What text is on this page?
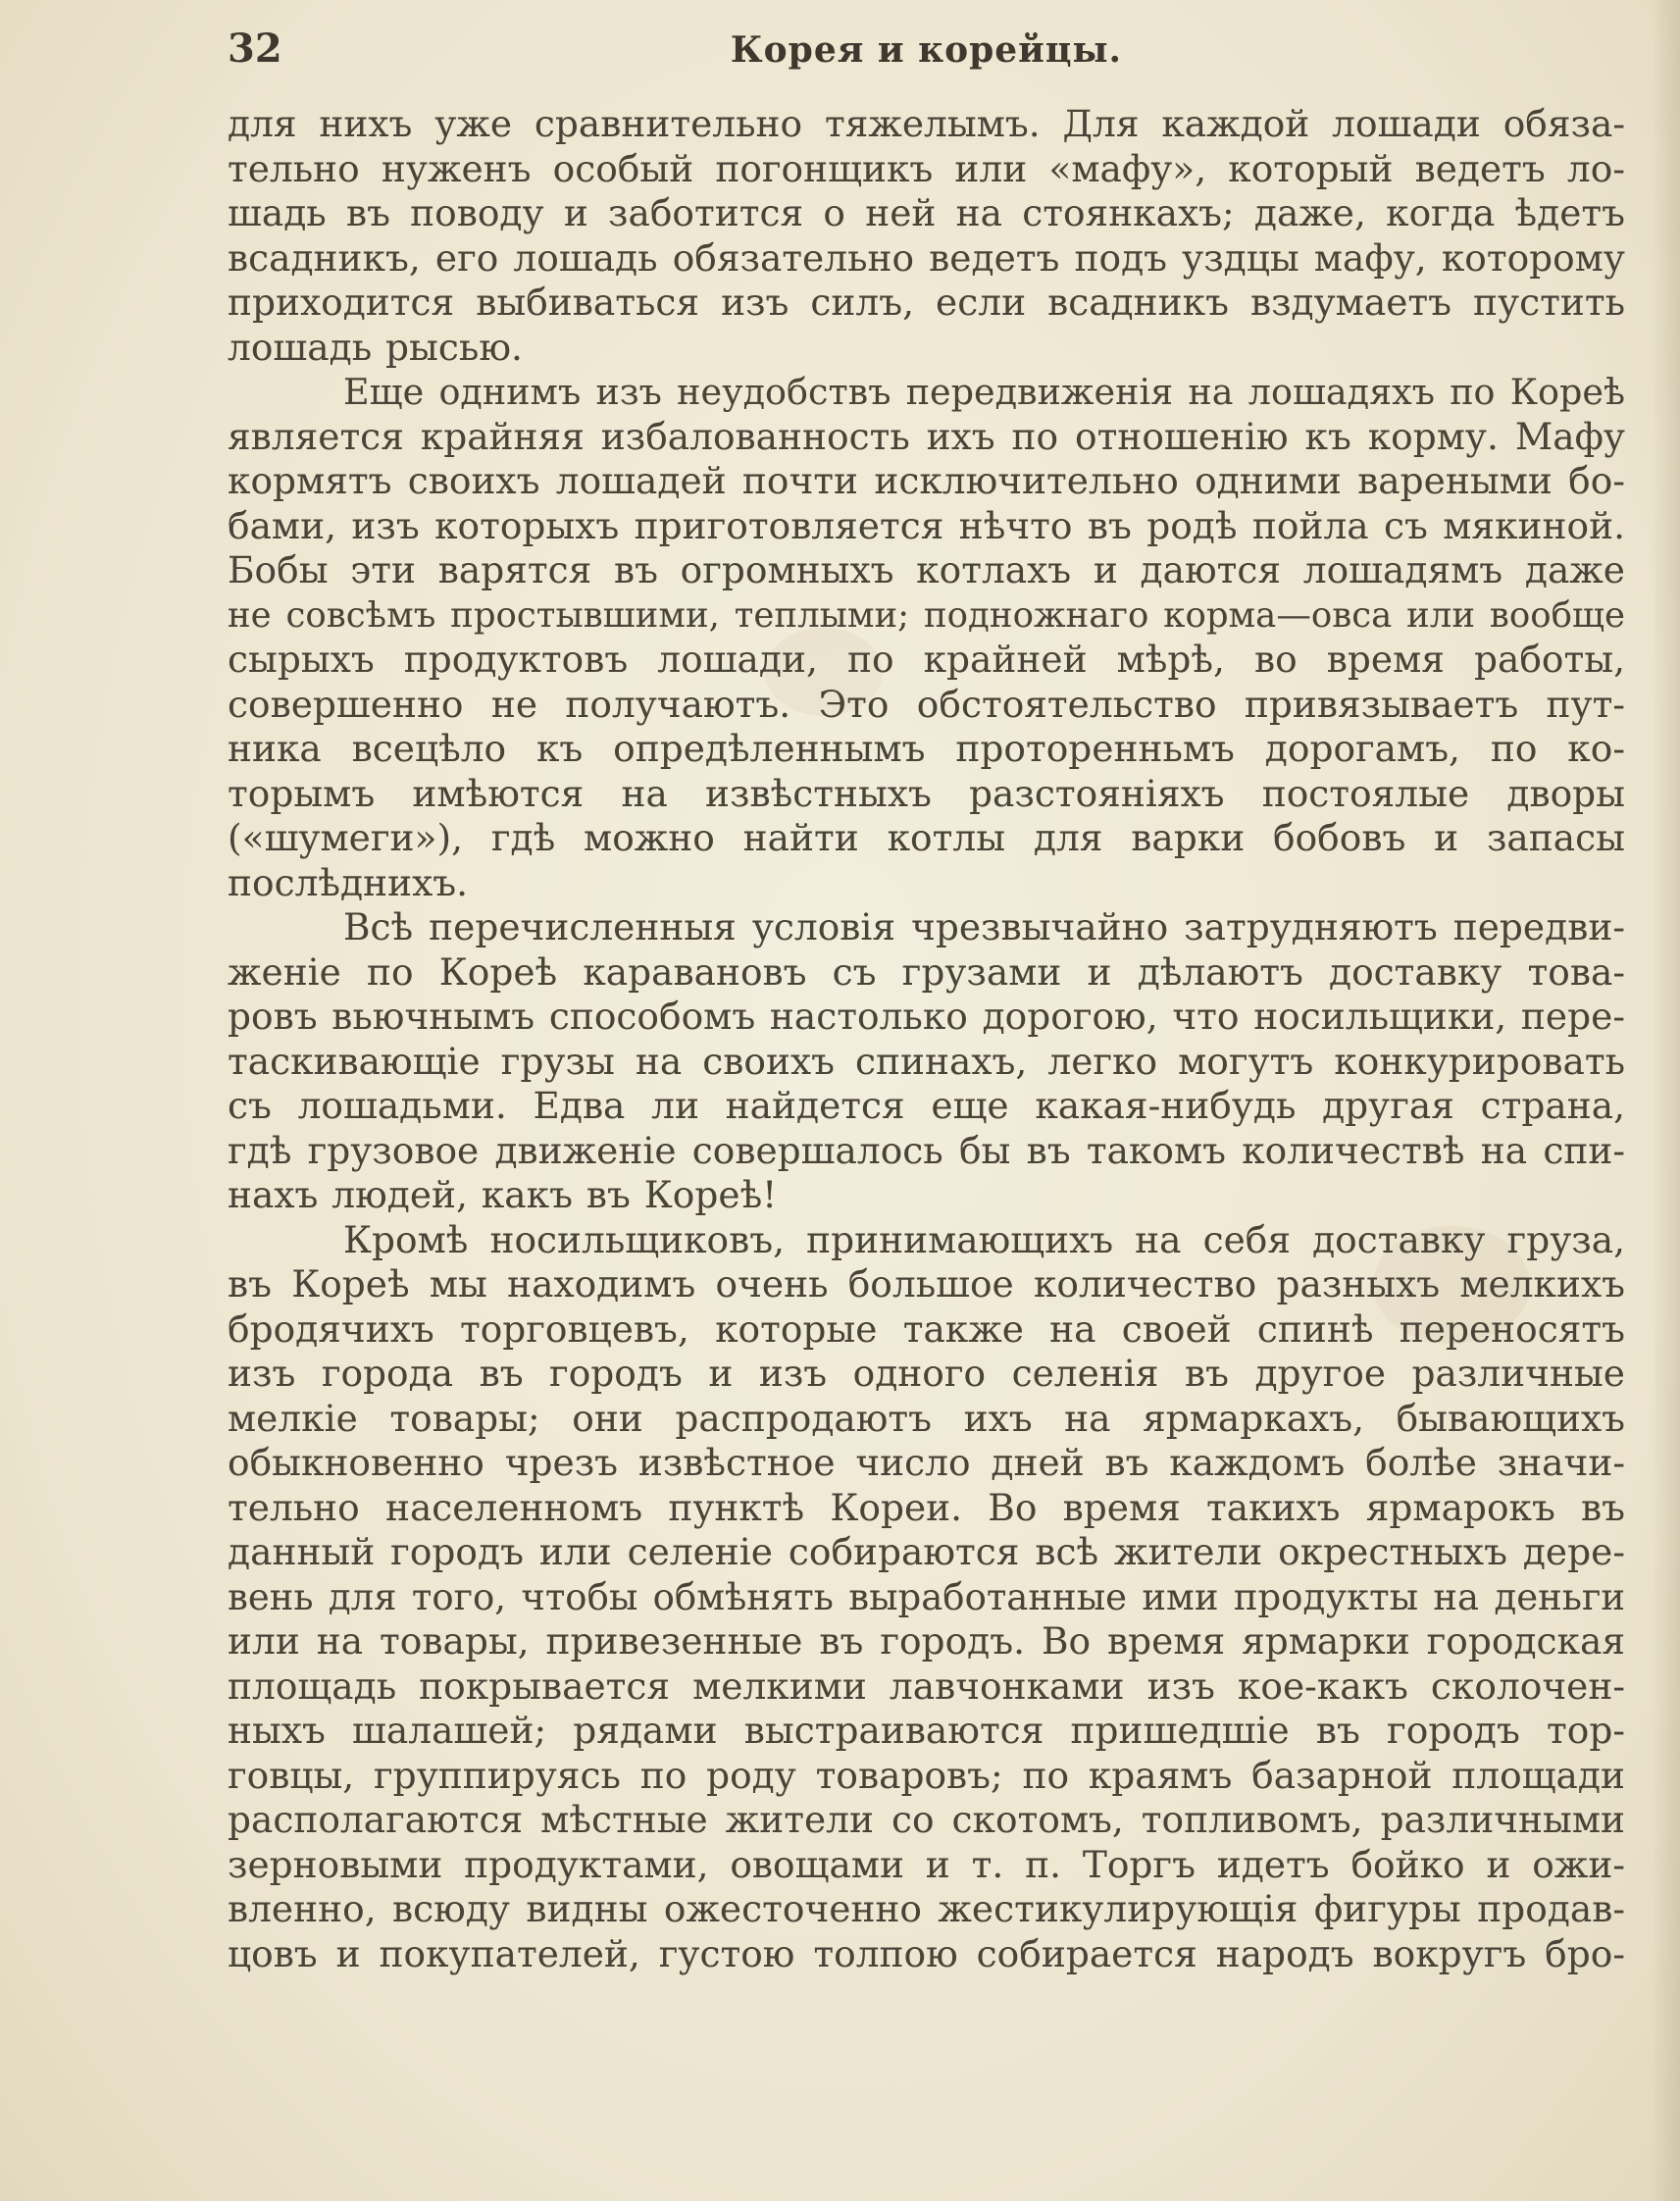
32	Корея и корейцы.
для нихъ уже сравнительно тяжелымъ. Для каждой лошади обяза-
тельно нуженъ особый погонщикъ или «мафу», который ведетъ ло-
шадь въ поводу и заботится о ней на стоянкахъ; даже, когда ѣдетъ
всадникъ, его лошадь обязательно ведетъ подъ уздцы мафу, которому
приходится выбиваться изъ силъ, если всадникъ вздумаетъ пустить
лошадь рысью.
Еще однимъ изъ неудобствъ передвиженія на лошадяхъ по Кореѣ
является крайняя избалованность ихъ по отношенію къ корму. Мафу
кормятъ своихъ лошадей почти исключительно одними вареными бо-
бами, изъ которыхъ приготовляется нѣчто въ родѣ пойла съ мякиной.
Бобы эти варятся въ огромныхъ котлахъ и даются лошадямъ даже
не совсѣмъ простывшими, теплыми; подножнаго корма—овса или вообще
сырыхъ продуктовъ лошади, по крайней мѣрѣ, во время работы,
совершенно не получаютъ. Это обстоятельство привязываетъ пут-
ника всецѣло къ опредѣленнымъ проторенньмъ дорогамъ, по ко-
торымъ имѣются на извѣстныхъ разстояніяхъ постоялые дворы
(«шумеги»), гдѣ можно найти котлы для варки бобовъ и запасы
послѣднихъ.
Всѣ перечисленныя условія чрезвычайно затрудняютъ передви-
женіе по Кореѣ каравановъ съ грузами и дѣлаютъ доставку това-
ровъ вьючнымъ способомъ настолько дорогою, что носильщики, пере-
таскивающіе грузы на своихъ спинахъ, легко могутъ конкурировать
съ лошадьми. Едва ли найдется еще какая-нибудь другая страна,
гдѣ грузовое движеніе совершалось бы въ такомъ количествѣ на спи-
нахъ людей, какъ въ Кореѣ!
Кромѣ носильщиковъ, принимающихъ на себя доставку груза,
въ Кореѣ мы находимъ очень большое количество разныхъ мелкихъ
бродячихъ торговцевъ, которые также на своей спинѣ переносятъ
изъ города въ городъ и изъ одного селенія въ другое различные
мелкіе товары; они распродаютъ ихъ на ярмаркахъ, бывающихъ
обыкновенно чрезъ извѣстное число дней въ каждомъ болѣе значи-
тельно населенномъ пунктѣ Кореи. Во время такихъ ярмарокъ въ
данный городъ или селеніе собираются всѣ жители окрестныхъ дере-
вень для того, чтобы обмѣнять выработанные ими продукты на деньги
или на товары, привезенные въ городъ. Во время ярмарки городская
площадь покрывается мелкими лавчонками изъ кое-какъ сколочен-
ныхъ шалашей; рядами выстраиваются пришедшіе въ городъ тор-
говцы, группируясь по роду товаровъ; по краямъ базарной площади
располагаются мѣстные жители со скотомъ, топливомъ, различными
зерновыми продуктами, овощами и т. п. Торгъ идетъ бойко и ожи-
вленно, всюду видны ожесточенно жестикулирующія фигуры продав-
цовъ и покупателей, густою толпою собирается народъ вокругъ бро-
